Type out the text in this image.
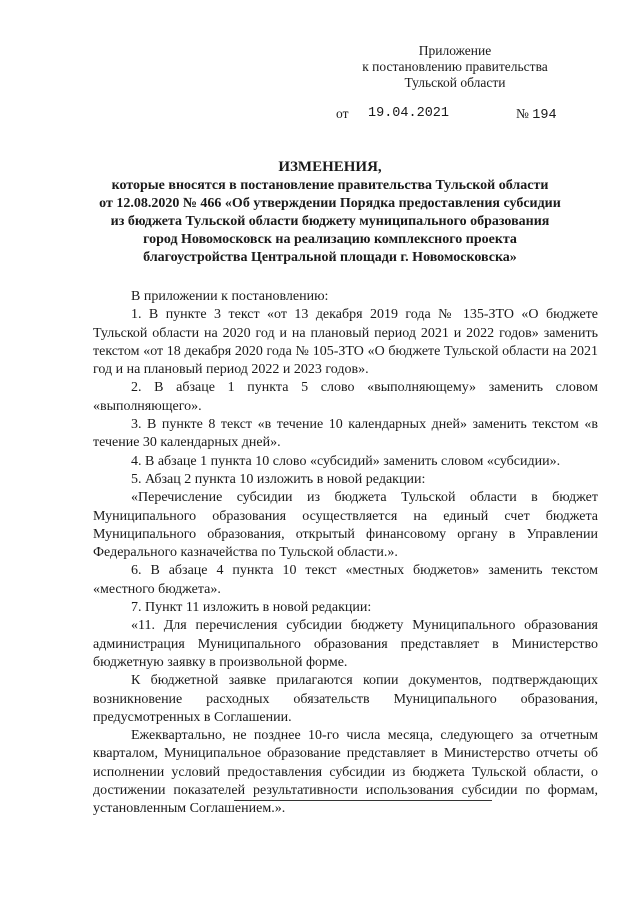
Приложение
к постановлению правительства
Тульской области
от 19.04.2021	№ 194
ИЗМЕНЕНИЯ,
которые вносятся в постановление правительства Тульской области
от 12.08.2020 № 466 «Об утверждении Порядка предоставления субсидии
из бюджета Тульской области бюджету муниципального образования
город Новомосковск на реализацию комплексного проекта
благоустройства Центральной площади г. Новомосковска»

В приложении к постановлению:

1. В пункте 3 текст «от 13 декабря 2019 года № 135-ЗТО «О бюджете Тульской области на 2020 год и на плановый период 2021 и 2022 годов» заменить текстом «от 18 декабря 2020 года № 105-ЗТО «О бюджете Тульской области на 2021 год и на плановый период 2022 и 2023 годов».

2. В абзаце 1 пункта 5 слово «выполняющему» заменить словом «выполняющего».

3. В пункте 8 текст «в течение 10 календарных дней» заменить текстом «в течение 30 календарных дней».

4. В абзаце 1 пункта 10 слово «субсидий» заменить словом «субсидии».

5. Абзац 2 пункта 10 изложить в новой редакции:

«Перечисление субсидии из бюджета Тульской области в бюджет Муниципального образования осуществляется на единый счет бюджета Муниципального образования, открытый финансовому органу в Управлении Федерального казначейства по Тульской области.».

6. В абзаце 4 пункта 10 текст «местных бюджетов» заменить текстом «местного бюджета».

7. Пункт 11 изложить в новой редакции:

«11. Для перечисления субсидии бюджету Муниципального образования администрация Муниципального образования представляет в Министерство бюджетную заявку в произвольной форме.

К бюджетной заявке прилагаются копии документов, подтверждающих возникновение расходных обязательств Муниципального образования, предусмотренных в Соглашении.

Ежеквартально, не позднее 10-го числа месяца, следующего за отчетным кварталом, Муниципальное образование представляет в Министерство отчеты об исполнении условий предоставления субсидии из бюджета Тульской области, о достижении показателей результативности использования субсидии по формам, установленным Соглашением.».
